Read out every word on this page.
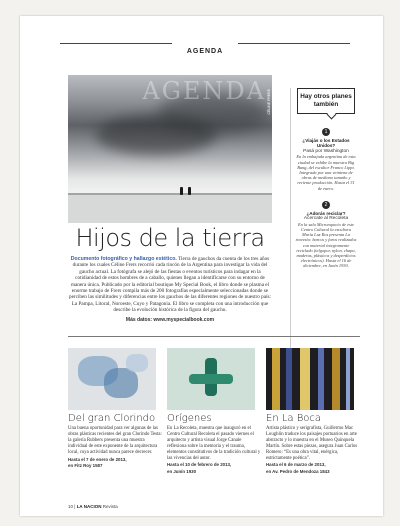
AGENDA
AGENDA CÉLINE FRERS
Hijos de la tierra
Documento fotográfico y hallazgo estético. Tierra de gauchos da cuenta de los tres años durante los cuales Céline Frers recorrió cada rincón de la Argentina para investigar la vida del gaucho actual. La fotógrafa se alejó de las fiestas o eventos turísticos para indagar en la cotidianidad de estos hombres de a caballo, quienes llegan a identificarse con su entorno de manera única. Publicado por la editorial boutique My Special Book, el libro donde se plasma el enorme trabajo de Frers compila más de 200 fotografías especialmente seleccionadas donde se perciben las similitudes y diferencias entre los gauchos de las diferentes regiones de nuestro país: La Pampa, Litoral, Noroeste, Cuyo y Patagonia. El libro se completa con una introducción que describe la evolución histórica de la figura del gaucho.
Más datos: www.myspecialbook.com
Hay otros planes también
1
¿Viajás o los Estados Unidos?
Pasá por Washington
En la embajada argentina de esta ciudad se exhibe la muestra Big Bang, del escultor Franco Lippi. Integrada por una veintena de obras de mediano tamaño y reciente producción. Hasta el 31 de enero.
2
¿Adorás reciclar?
Acercate al Recoleta
En la sala Microespacio de este Centro Cultural la escultora María Luz Ros presenta La travesía: barcos y faros realizados con material íntegramente reciclado (telgopor, nylon, chapa, maderas, plásticos y desperdicios electrónicos). Hasta el 16 de diciembre, en Junín 1930.
Del gran Clorindo
Una buena oportunidad para ver algunas de las obras plásticas recientes del gran Clorindo Testa: la galería Rubbers presenta una muestra individual de este exponente de la arquitectura local, cuya actividad nunca parece decrecer.
Hasta el 7 de enero de 2013,
en Fitz Roy 1587
Orígenes
En La Recoleta, muestra que inauguró en el Centro Cultural Recoleta el pasado viernes el arquitecto y artista visual Jorge Canale reflexiona sobre la memoria y el trauma, elementos constitutivos de la tradición cultural y las vivencias del autor.
Hasta el 10 de febrero de 2013,
en Junín 1930
En La Boca
Artista plástico y serigrafista, Guillermo Mac Loughlin traduce los paisajes portuarios en arte abstracto y lo muestra en el Museo Quinquela Martín. Sobre estas piezas, asegura Juan Carlos Romero: “Es una obra vital, enérgica, estrictamente poética”.
Hasta el 6 de marzo de 2013,
en Av. Pedro de Mendoza 1843
10 | LA NACION Revista
